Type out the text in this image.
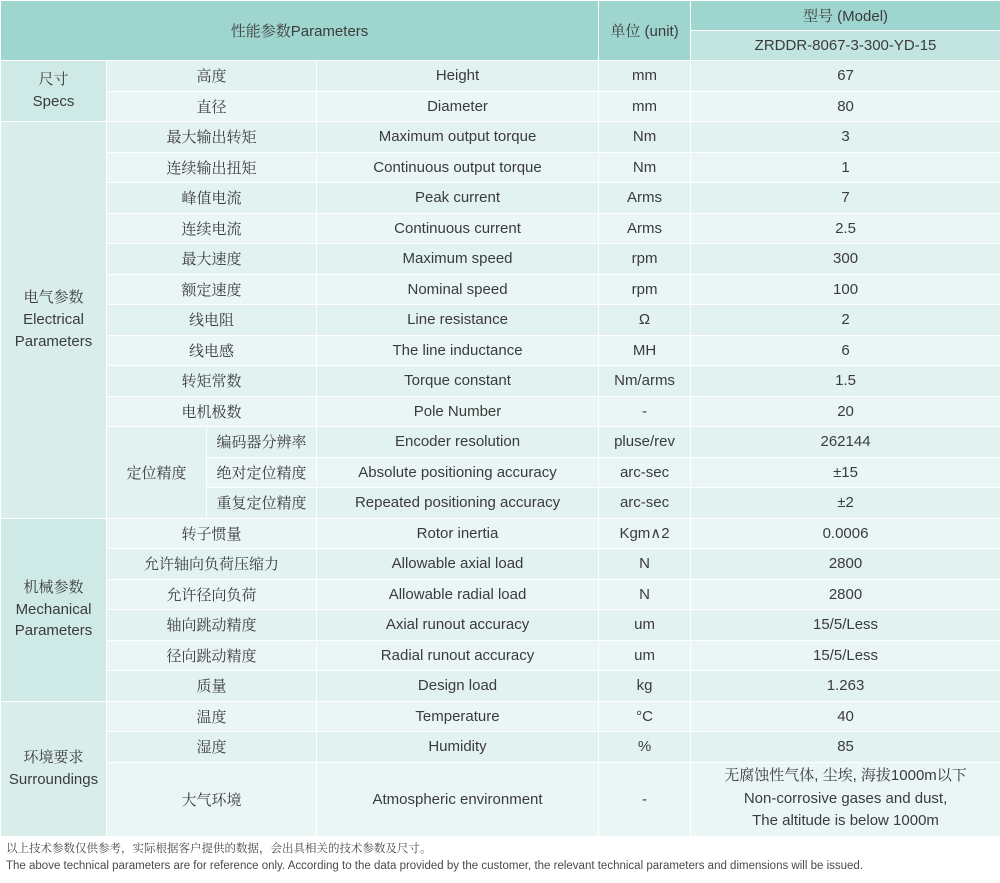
性能参数Parameters				单位 (unit)	型号 (Model)
					ZRDDR-8067-3-300-YD-15

尺寸
Specs	高度		Height	mm	67
	直径		Diameter	mm	80

电气参数
Electrical
Parameters	最大输出转矩		Maximum output torque	Nm	3
	连续输出扭矩		Continuous output torque	Nm	1
	峰值电流		Peak current	Arms	7
	连续电流		Continuous current	Arms	2.5
	最大速度		Maximum speed	rpm	300
	额定速度		Nominal speed	rpm	100
	线电阻		Line resistance	Ω	2
	线电感		The line inductance	MH	6
	转矩常数		Torque constant	Nm/arms	1.5
	电机极数		Pole Number	-	20
	定位精度	编码器分辨率	Encoder resolution	pluse/rev	262144
		绝对定位精度	Absolute positioning accuracy	arc-sec	±15
		重复定位精度	Repeated positioning accuracy	arc-sec	±2

机械参数
Mechanical
Parameters	转子惯量		Rotor inertia	Kgm∧2	0.0006
	允许轴向负荷压缩力		Allowable axial load	N	2800
	允许径向负荷		Allowable radial load	N	2800
	轴向跳动精度		Axial runout accuracy	um	15/5/Less
	径向跳动精度		Radial runout accuracy	um	15/5/Less
	质量		Design load	kg	1.263

环境要求
Surroundings	温度		Temperature	°C	40
	湿度		Humidity	%	85
	大气环境		Atmospheric environment	-	无腐蚀性气体, 尘埃, 海拔1000m以下
Non-corrosive gases and dust,
The altitude is below 1000m
以上技术参数仅供参考，实际根据客户提供的数据，会出具相关的技术参数及尺寸。
The above technical parameters are for reference only. According to the data provided by the customer, the relevant technical parameters and dimensions will be issued.
